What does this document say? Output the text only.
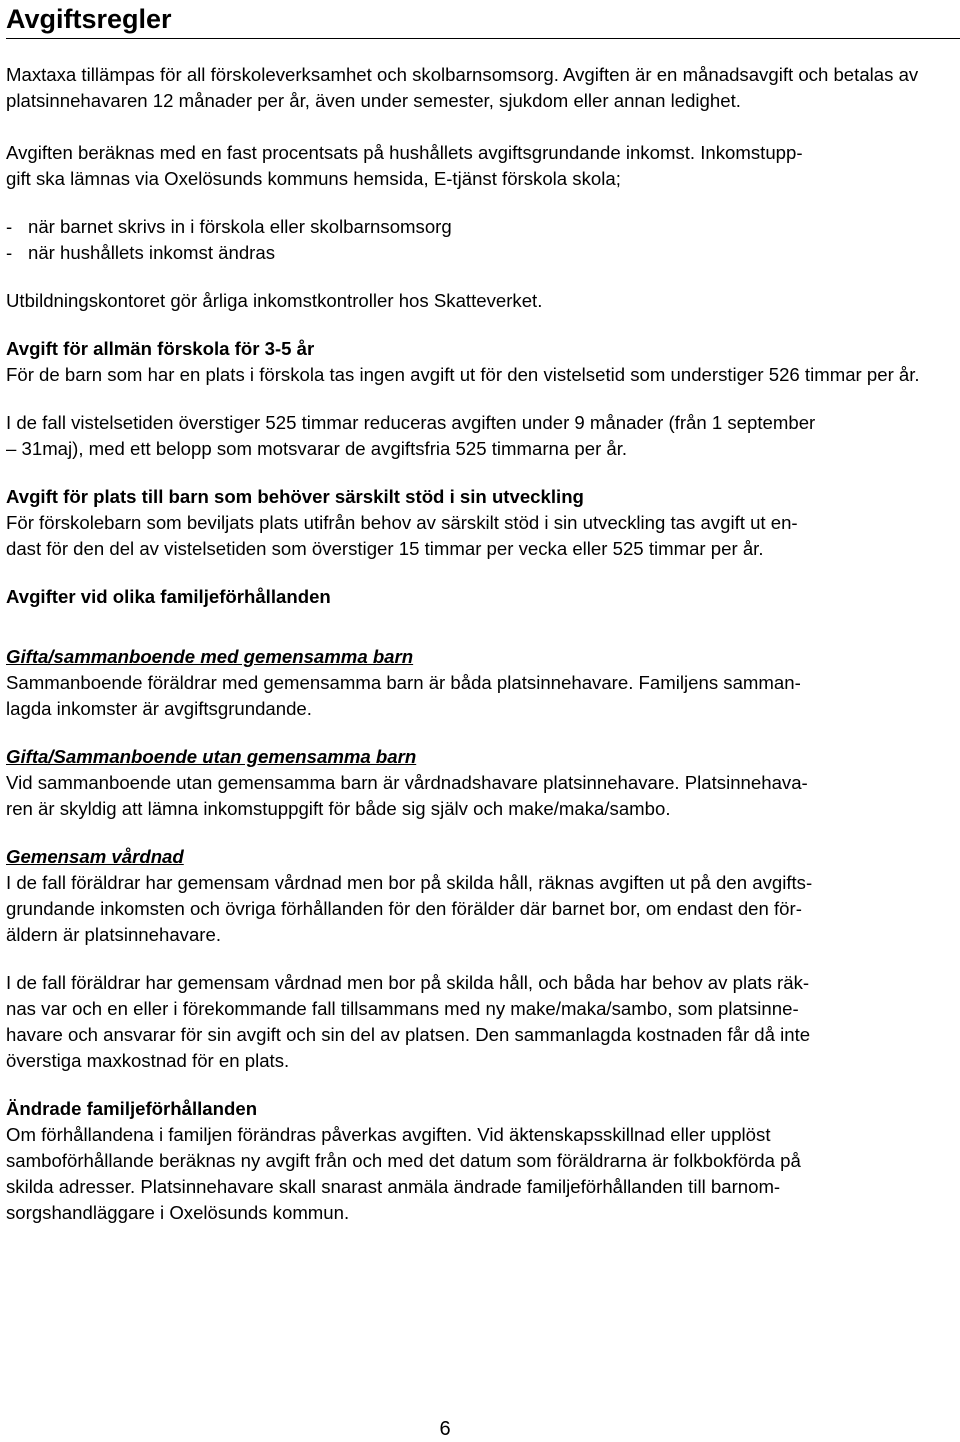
Avgiftsregler

Maxtaxa tillämpas för all förskoleverksamhet och skolbarnsomsorg. Avgiften är en månadsavgift och betalas av platsinnehavaren 12 månader per år, även under semester, sjukdom eller annan ledighet.

Avgiften beräknas med en fast procentsats på hushållets avgiftsgrundande inkomst. Inkomstupp-

gift ska lämnas via Oxelösunds kommuns hemsida, E-tjänst förskola skola;

- när barnet skrivs in i förskola eller skolbarnsomsorg
- när hushållets inkomst ändras

Utbildningskontoret gör årliga inkomstkontroller hos Skatteverket.

Avgift för allmän förskola för 3-5 år

För de barn som har en plats i förskola tas ingen avgift ut för den vistelsetid som understiger 526 timmar per år.

I de fall vistelsetiden överstiger 525 timmar reduceras avgiften under 9 månader (från 1 september

– 31maj), med ett belopp som motsvarar de avgiftsfria 525 timmarna per år.

Avgift för plats till barn som behöver särskilt stöd i sin utveckling

För förskolebarn som beviljats plats utifrån behov av särskilt stöd i sin utveckling tas avgift ut en-

dast för den del av vistelsetiden som överstiger 15 timmar per vecka eller 525 timmar per år.

Avgifter vid olika familjeförhållanden

Gifta/sammanboende med gemensamma barn

Sammanboende föräldrar med gemensamma barn är båda platsinnehavare. Familjens samman-

lagda inkomster är avgiftsgrundande.

Gifta/Sammanboende utan gemensamma barn

Vid sammanboende utan gemensamma barn är vårdnadshavare platsinnehavare. Platsinnehava-

ren är skyldig att lämna inkomstuppgift för både sig själv och make/maka/sambo.

Gemensam vårdnad

I de fall föräldrar har gemensam vårdnad men bor på skilda håll, räknas avgiften ut på den avgifts-

grundande inkomsten och övriga förhållanden för den förälder där barnet bor, om endast den för-

äldern är platsinnehavare.

I de fall föräldrar har gemensam vårdnad men bor på skilda håll, och båda har behov av plats räk-

nas var och en eller i förekommande fall tillsammans med ny make/maka/sambo, som platsinne-

havare och ansvarar för sin avgift och sin del av platsen. Den sammanlagda kostnaden får då inte

överstiga maxkostnad för en plats.

Ändrade familjeförhållanden

Om förhållandena i familjen förändras påverkas avgiften. Vid äktenskapsskillnad eller upplöst

samboförhållande beräknas ny avgift från och med det datum som föräldrarna är folkbokförda på

skilda adresser. Platsinnehavare skall snarast anmäla ändrade familjeförhållanden till barnom-

sorgshandläggare i Oxelösunds kommun.

6
